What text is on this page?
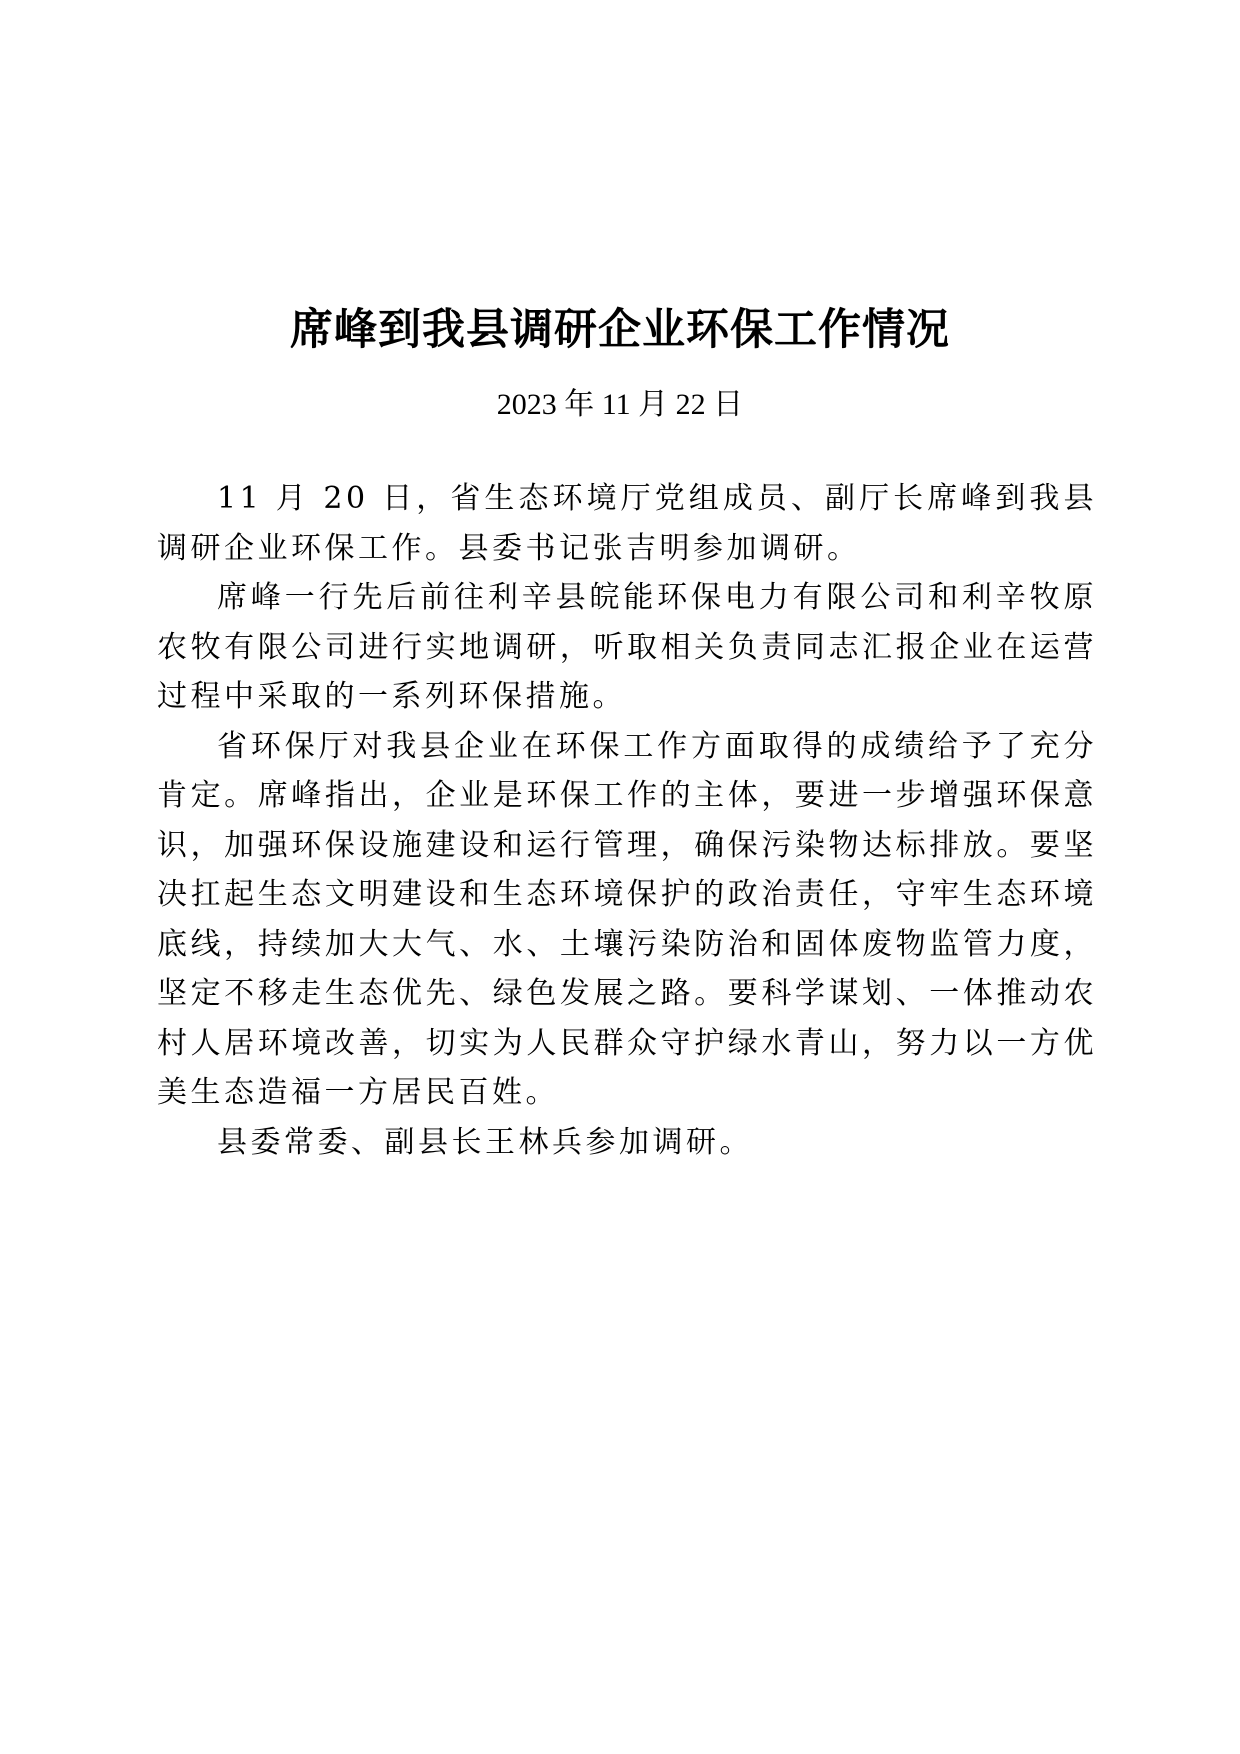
席峰到我县调研企业环保工作情况
2023 年 11 月 22 日

11 月 20 日，省生态环境厅党组成员、副厅长席峰到我县调研企业环保工作。县委书记张吉明参加调研。

席峰一行先后前往利辛县皖能环保电力有限公司和利辛牧原农牧有限公司进行实地调研，听取相关负责同志汇报企业在运营过程中采取的一系列环保措施。

省环保厅对我县企业在环保工作方面取得的成绩给予了充分肯定。席峰指出，企业是环保工作的主体，要进一步增强环保意识，加强环保设施建设和运行管理，确保污染物达标排放。要坚决扛起生态文明建设和生态环境保护的政治责任，守牢生态环境底线，持续加大大气、水、土壤污染防治和固体废物监管力度，坚定不移走生态优先、绿色发展之路。要科学谋划、一体推动农村人居环境改善，切实为人民群众守护绿水青山，努力以一方优美生态造福一方居民百姓。

县委常委、副县长王林兵参加调研。
